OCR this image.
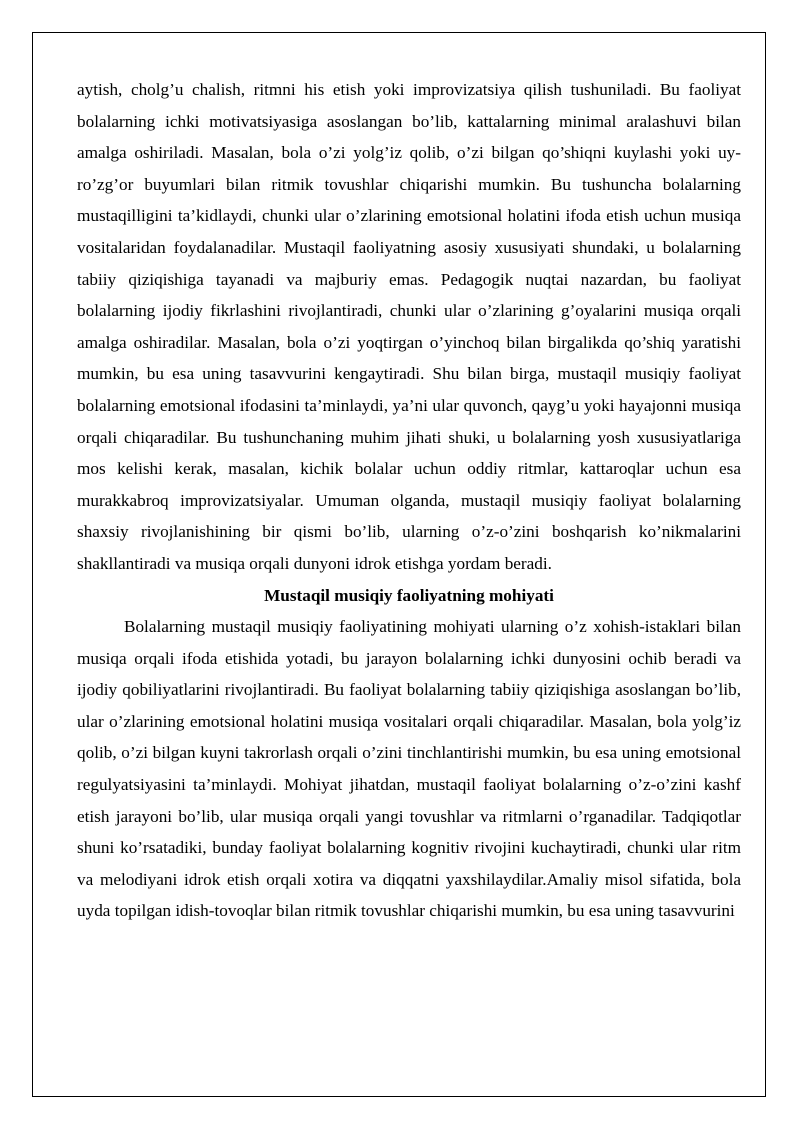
aytish, cholg’u chalish, ritmni his etish yoki improvizatsiya qilish tushuniladi. Bu faoliyat bolalarning ichki motivatsiyasiga asoslangan bo’lib, kattalarning minimal aralashuvi bilan amalga oshiriladi. Masalan, bola o’zi yolg’iz qolib, o’zi bilgan qo’shiqni kuylashi yoki uy-ro’zg’or buyumlari bilan ritmik tovushlar chiqarishi mumkin. Bu tushuncha bolalarning mustaqilligini ta’kidlaydi, chunki ular o’zlarining emotsional holatini ifoda etish uchun musiqa vositalaridan foydalanadilar. Mustaqil faoliyatning asosiy xususiyati shundaki, u bolalarning tabiiy qiziqishiga tayanadi va majburiy emas. Pedagogik nuqtai nazardan, bu faoliyat bolalarning ijodiy fikrlashini rivojlantiradi, chunki ular o’zlarining g’oyalarini musiqa orqali amalga oshiradilar. Masalan, bola o’zi yoqtirgan o’yinchoq bilan birgalikda qo’shiq yaratishi mumkin, bu esa uning tasavvurini kengaytiradi. Shu bilan birga, mustaqil musiqiy faoliyat bolalarning emotsional ifodasini ta’minlaydi, ya’ni ular quvonch, qayg’u yoki hayajonni musiqa orqali chiqaradilar. Bu tushunchaning muhim jihati shuki, u bolalarning yosh xususiyatlariga mos kelishi kerak, masalan, kichik bolalar uchun oddiy ritmlar, kattaroqlar uchun esa murakkabroq improvizatsiyalar. Umuman olganda, mustaqil musiqiy faoliyat bolalarning shaxsiy rivojlanishining bir qismi bo’lib, ularning o’z-o’zini boshqarish ko’nikmalarini shakllantiradi va musiqa orqali dunyoni idrok etishga yordam beradi.

Mustaqil musiqiy faoliyatning mohiyati

Bolalarning mustaqil musiqiy faoliyatining mohiyati ularning o’z xohish-istaklari bilan musiqa orqali ifoda etishida yotadi, bu jarayon bolalarning ichki dunyosini ochib beradi va ijodiy qobiliyatlarini rivojlantiradi. Bu faoliyat bolalarning tabiiy qiziqishiga asoslangan bo’lib, ular o’zlarining emotsional holatini musiqa vositalari orqali chiqaradilar. Masalan, bola yolg’iz qolib, o’zi bilgan kuyni takrorlash orqali o’zini tinchlantirishi mumkin, bu esa uning emotsional regulyatsiyasini ta’minlaydi. Mohiyat jihatdan, mustaqil faoliyat bolalarning o’z-o’zini kashf etish jarayoni bo’lib, ular musiqa orqali yangi tovushlar va ritmlarni o’rganadilar. Tadqiqotlar shuni ko’rsatadiki, bunday faoliyat bolalarning kognitiv rivojini kuchaytiradi, chunki ular ritm va melodiyani idrok etish orqali xotira va diqqatni yaxshilaydilar.Amaliy misol sifatida, bola uyda topilgan idish-tovoqlar bilan ritmik tovushlar chiqarishi mumkin, bu esa uning tasavvurini
